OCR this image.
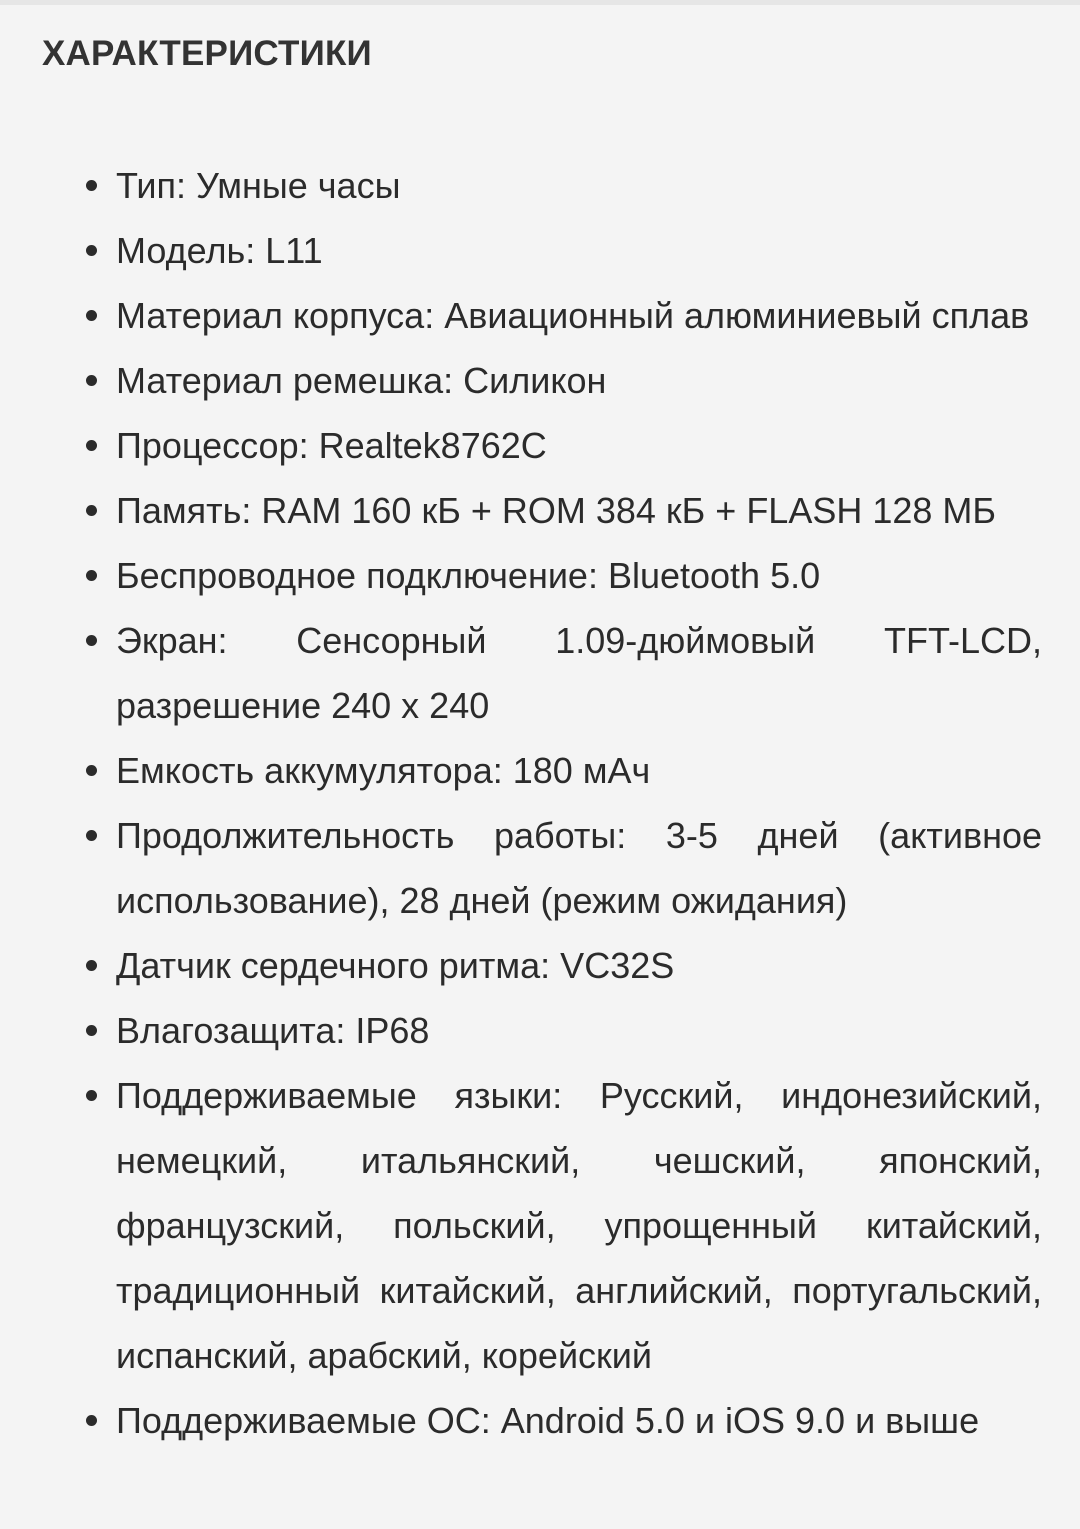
ХАРАКТЕРИСТИКИ
Тип: Умные часы
Модель: L11
Материал корпуса: Авиационный алюминиевый сплав
Материал ремешка: Силикон
Процессор: Realtek8762C
Память: RAM 160 кБ + ROM 384 кБ + FLASH 128 МБ
Беспроводное подключение: Bluetooth 5.0
Экран: Сенсорный 1.09-дюймовый TFT-LCD, разрешение 240 x 240
Емкость аккумулятора: 180 мАч
Продолжительность работы: 3-5 дней (активное использование), 28 дней (режим ожидания)
Датчик сердечного ритма: VC32S
Влагозащита: IP68
Поддерживаемые языки: Русский, индонезийский, немецкий, итальянский, чешский, японский, французский, польский, упрощенный китайский, традиционный китайский, английский, португальский, испанский, арабский, корейский
Поддерживаемые ОС: Android 5.0 и iOS 9.0 и выше
